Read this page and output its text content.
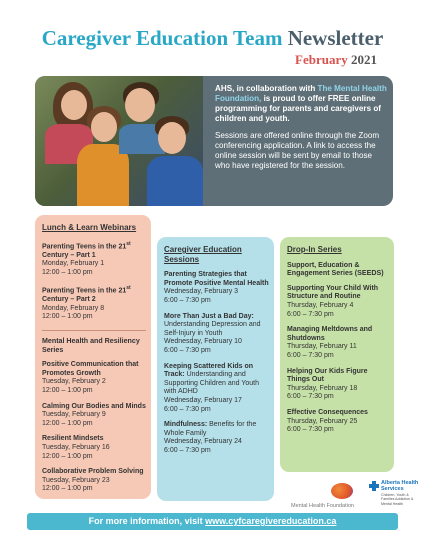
Caregiver Education Team Newsletter
February 2021

AHS, in collaboration with The Mental Health Foundation, is proud to offer FREE online programming for parents and caregivers of children and youth.

Sessions are offered online through the Zoom conferencing application. A link to access the online session will be sent by email to those who have registered for the session.

Lunch & Learn Webinars
Parenting Teens in the 21st Century – Part 1
Monday, February 1
12:00 – 1:00 pm
Parenting Teens in the 21st Century – Part 2
Monday, February 8
12:00 – 1:00 pm
Mental Health and Resiliency Series
Positive Communication that Promotes Growth
Tuesday, February 2
12:00 – 1:00 pm
Calming Our Bodies and Minds
Tuesday, February 9
12:00 – 1:00 pm
Resilient Mindsets
Tuesday, February 16
12:00 – 1:00 pm
Collaborative Problem Solving
Tuesday, February 23
12:00 – 1:00 pm
Caregiver Education Sessions
Parenting Strategies that Promote Positive Mental Health
Wednesday, February 3
6:00 – 7:30 pm
More Than Just a Bad Day: Understanding Depression and Self-Injury in Youth
Wednesday, February 10
6:00 – 7:30 pm
Keeping Scattered Kids on Track: Understanding and Supporting Children and Youth with ADHD
Wednesday, February 17
6:00 – 7:30 pm
Mindfulness: Benefits for the Whole Family
Wednesday, February 24
6:00 – 7:30 pm
Drop-In Series
Support, Education & Engagement Series (SEEDS)
Supporting Your Child With Structure and Routine
Thursday, February 4
6:00 – 7:30 pm
Managing Meltdowns and Shutdowns
Thursday, February 11
6:00 – 7:30 pm
Helping Our Kids Figure Things Out
Thursday, February 18
6:00 – 7:30 pm
Effective Consequences
Thursday, February 25
6:00 – 7:30 pm
Mental Health Foundation
Alberta Health Services
Children, Youth & Families Addiction & Mental Health
For more information, visit www.cyfcaregivereducation.ca
